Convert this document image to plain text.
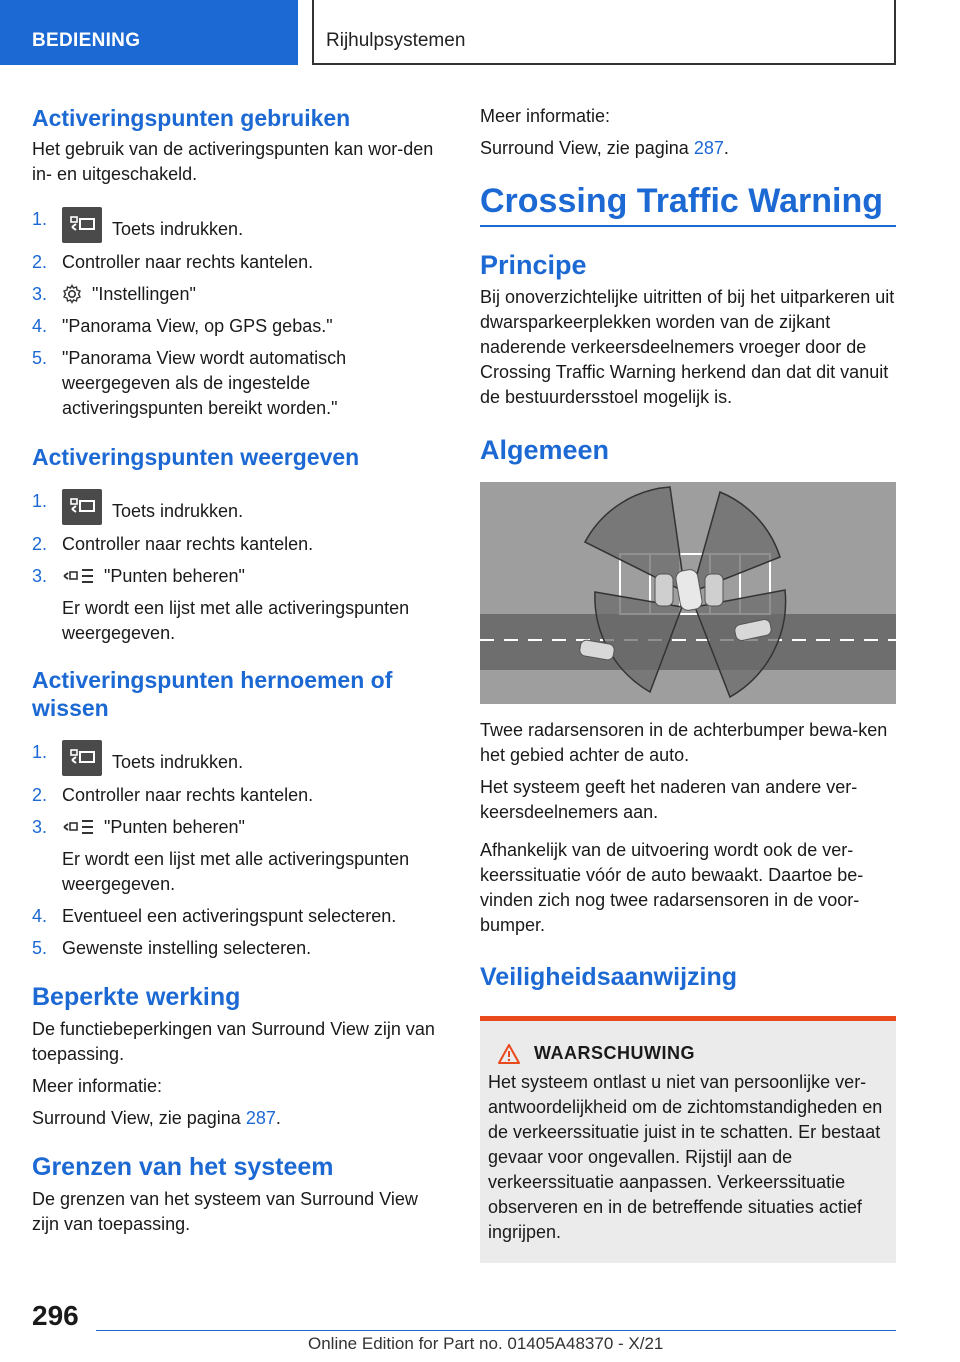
BEDIENING	Rijhulpsystemen
Activeringspunten gebruiken
Het gebruik van de activeringspunten kan wor-den in- en uitgeschakeld.
1.	Toets indrukken.
2. Controller naar rechts kantelen.
3. "Instellingen"
4. "Panorama View, op GPS gebas."
5. "Panorama View wordt automatisch weergegeven als de ingestelde activeringspunten bereikt worden."
Activeringspunten weergeven
1.	Toets indrukken.
2. Controller naar rechts kantelen.
3.	"Punten beheren"
Er wordt een lijst met alle activeringspunten weergegeven.
Activeringspunten hernoemen of wissen
1.	Toets indrukken.
2. Controller naar rechts kantelen.
3.	"Punten beheren"
Er wordt een lijst met alle activeringspunten weergegeven.
4. Eventueel een activeringspunt selecteren.
5. Gewenste instelling selecteren.
Beperkte werking
De functiebeperkingen van Surround View zijn van toepassing.
Meer informatie:
Surround View, zie pagina 287.
Grenzen van het systeem
De grenzen van het systeem van Surround View zijn van toepassing.
Meer informatie:
Surround View, zie pagina 287.
Crossing Traffic Warning
Principe
Bij onoverzichtelijke uitritten of bij het uitparkeren uit dwarsparkeerplekken worden van de zijkant naderende verkeersdeelnemers vroeger door de Crossing Traffic Warning herkend dan dat dit vanuit de bestuurdersstoel mogelijk is.
Algemeen
Twee radarsensoren in de achterbumper bewa-ken het gebied achter de auto.
Het systeem geeft het naderen van andere ver-keersdeelnemers aan.
Afhankelijk van de uitvoering wordt ook de ver-keerssituatie vóór de auto bewaakt. Daartoe be-vinden zich nog twee radarsensoren in de voor-bumper.
Veiligheidsaanwijzing
WAARSCHUWING
Het systeem ontlast u niet van persoonlijke ver-antwoordelijkheid om de zichtomstandigheden en de verkeerssituatie juist in te schatten. Er bestaat gevaar voor ongevallen. Rijstijl aan de verkeerssituatie aanpassen. Verkeerssituatie observeren en in de betreffende situaties actief ingrijpen.
296
Online Edition for Part no. 01405A48370 - X/21
